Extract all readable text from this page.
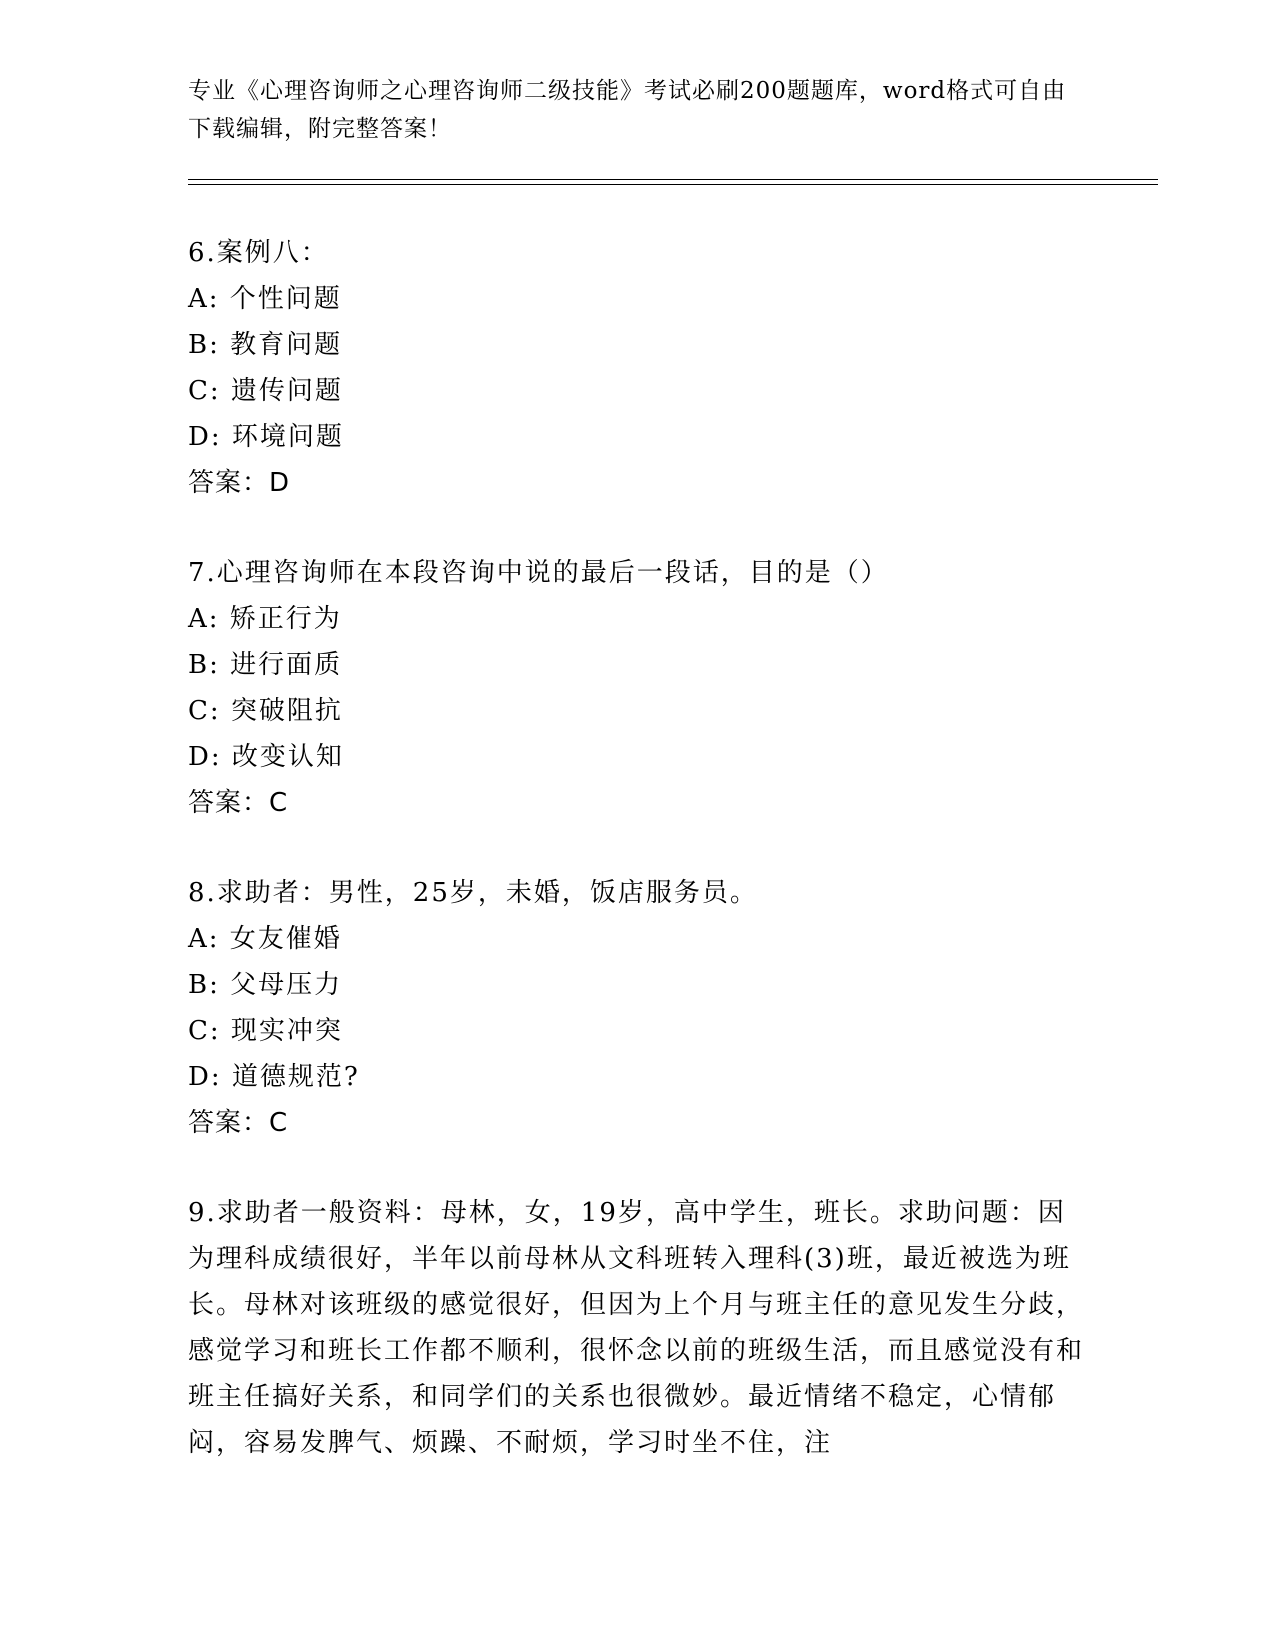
专业《心理咨询师之心理咨询师二级技能》考试必刷200题题库，word格式可自由下载编辑，附完整答案！
6.案例八：
A: 个性问题
B: 教育问题
C: 遗传问题
D: 环境问题
答案：D
7.心理咨询师在本段咨询中说的最后一段话，目的是（）
A: 矫正行为
B: 进行面质
C: 突破阻抗
D: 改变认知
答案：C
8.求助者：男性，25岁，未婚，饭店服务员。
A: 女友催婚
B: 父母压力
C: 现实冲突
D: 道德规范?
答案：C
9.求助者一般资料：母林，女，19岁，高中学生，班长。求助问题：因为理科成绩很好，半年以前母林从文科班转入理科(3)班，最近被选为班长。母林对该班级的感觉很好，但因为上个月与班主任的意见发生分歧，感觉学习和班长工作都不顺利，很怀念以前的班级生活，而且感觉没有和班主任搞好关系，和同学们的关系也很微妙。最近情绪不稳定，心情郁闷，容易发脾气、烦躁、不耐烦，学习时坐不住，注
